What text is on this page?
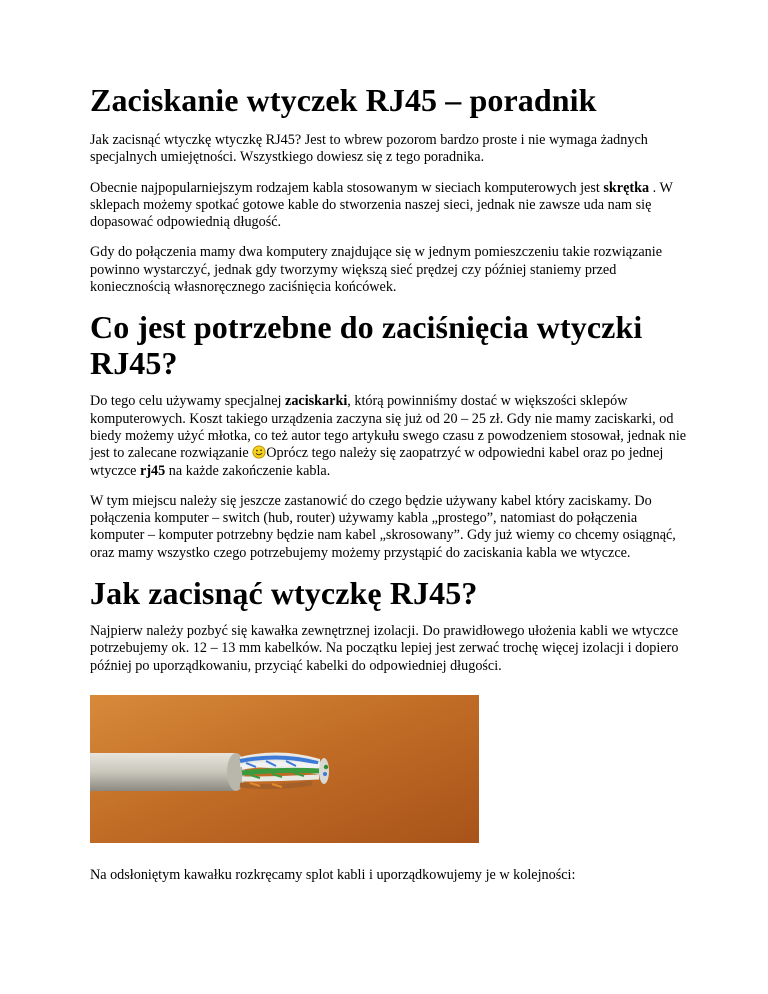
Zaciskanie wtyczek RJ45 – poradnik

Jak zacisnąć wtyczkę wtyczkę RJ45? Jest to wbrew pozorom bardzo proste i nie wymaga żadnych specjalnych umiejętności. Wszystkiego dowiesz się z tego poradnika.

Obecnie najpopularniejszym rodzajem kabla stosowanym w sieciach komputerowych jest skrętka . W sklepach możemy spotkać gotowe kable do stworzenia naszej sieci, jednak nie zawsze uda nam się dopasować odpowiednią długość.

Gdy do połączenia mamy dwa komputery znajdujące się w jednym pomieszczeniu takie rozwiązanie powinno wystarczyć, jednak gdy tworzymy większą sieć prędzej czy później staniemy przed koniecznością własnoręcznego zaciśnięcia końcówek.

Co jest potrzebne do zaciśnięcia wtyczki RJ45?

Do tego celu używamy specjalnej zaciskarki, którą powinniśmy dostać w większości sklepów komputerowych. Koszt takiego urządzenia zaczyna się już od 20 – 25 zł. Gdy nie mamy zaciskarki, od biedy możemy użyć młotka, co też autor tego artykułu swego czasu z powodzeniem stosował, jednak nie jest to zalecane rozwiązanie Oprócz tego należy się zaopatrzyć w odpowiedni kabel oraz po jednej wtyczce rj45 na każde zakończenie kabla.

W tym miejscu należy się jeszcze zastanowić do czego będzie używany kabel który zaciskamy. Do połączenia komputer – switch (hub, router) używamy kabla „prostego”, natomiast do połączenia komputer – komputer potrzebny będzie nam kabel „skrosowany”. Gdy już wiemy co chcemy osiągnąć, oraz mamy wszystko czego potrzebujemy możemy przystąpić do zaciskania kabla we wtyczce.

Jak zacisnąć wtyczkę RJ45?

Najpierw należy pozbyć się kawałka zewnętrznej izolacji. Do prawidłowego ułożenia kabli we wtyczce potrzebujemy ok. 12 – 13 mm kabelków. Na początku lepiej jest zerwać trochę więcej izolacji i dopiero później po uporządkowaniu, przyciąć kabelki do odpowiedniej długości.

Na odsłoniętym kawałku rozkręcamy splot kabli i uporządkowujemy je w kolejności:
